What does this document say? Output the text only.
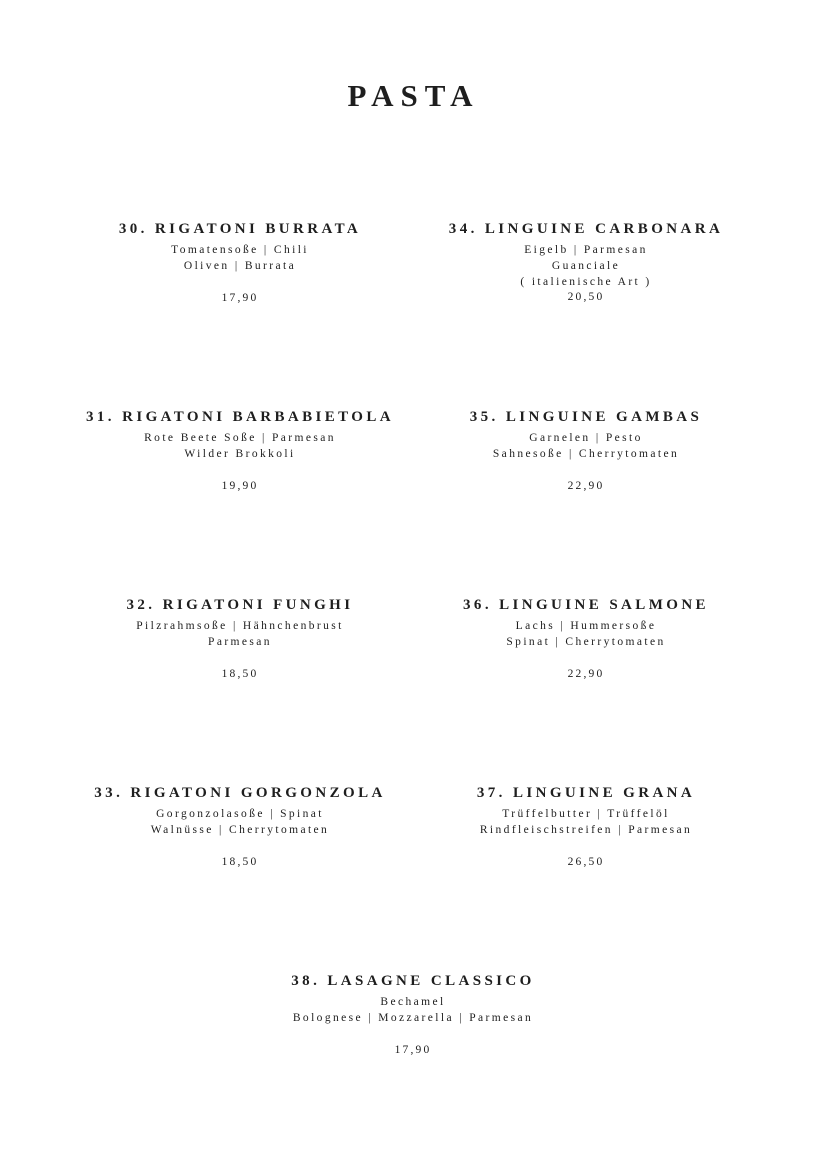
PASTA
30. RIGATONI BURRATA
Tomatensoße | Chili
Oliven | Burrata
17,90
31. RIGATONI BARBABIETOLA
Rote Beete Soße | Parmesan
Wilder Brokkoli
19,90
32. RIGATONI FUNGHI
Pilzrahmsoße | Hähnchenbrust
Parmesan
18,50
33. RIGATONI GORGONZOLA
Gorgonzolasoße | Spinat
Walnüsse | Cherrytomaten
18,50
34. LINGUINE CARBONARA
Eigelb | Parmesan
Guanciale
( italienische Art )
20,50
35. LINGUINE GAMBAS
Garnelen | Pesto
Sahnesoße | Cherrytomaten
22,90
36. LINGUINE SALMONE
Lachs | Hummersoße
Spinat | Cherrytomaten
22,90
37. LINGUINE GRANA
Trüffelbutter | Trüffelöl
Rindfleischstreifen | Parmesan
26,50
38. LASAGNE CLASSICO
Bechamel
Bolognese | Mozzarella | Parmesan
17,90
